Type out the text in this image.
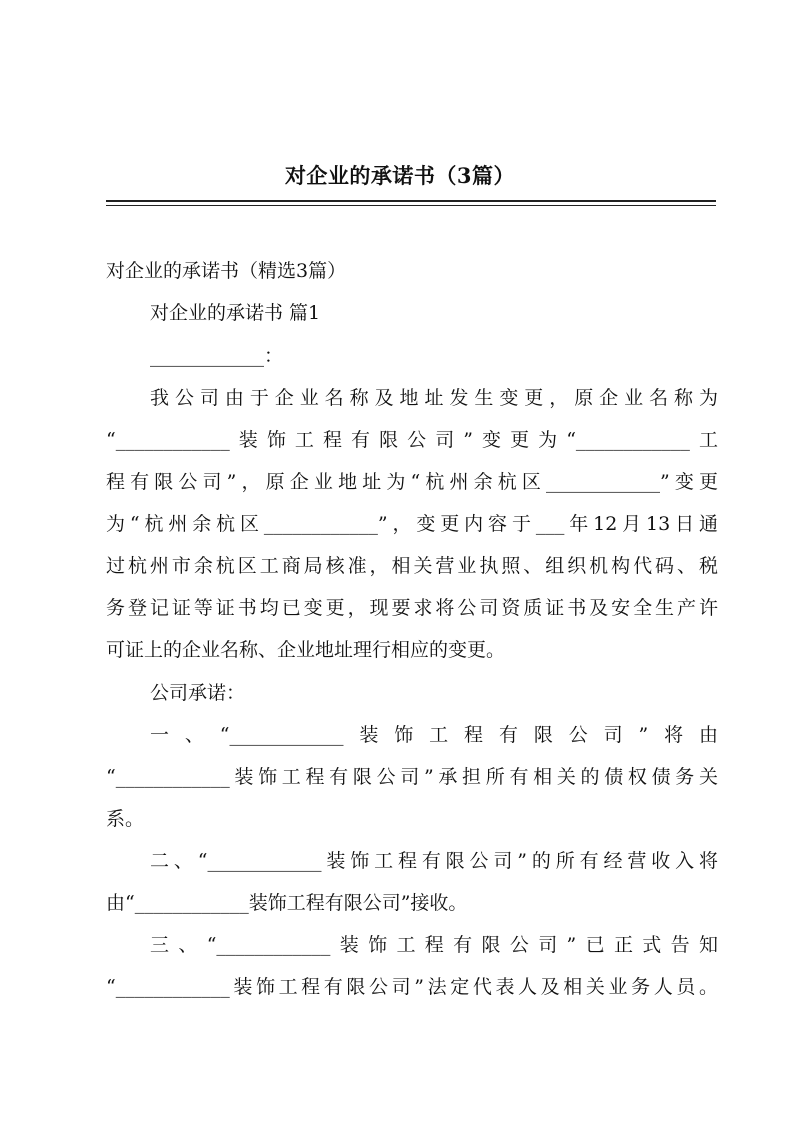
对企业的承诺书（3篇）
对企业的承诺书（精选3篇）
对企业的承诺书 篇1
____________：
我公司由于企业名称及地址发生变更，原企业名称为
“____________装饰工程有限公司”变更为“____________工
程有限公司”，原企业地址为“杭州余杭区____________”变更
为“杭州余杭区____________”，变更内容于___年12月13日通
过杭州市余杭区工商局核准，相关营业执照、组织机构代码、税
务登记证等证书均已变更，现要求将公司资质证书及安全生产许
可证上的企业名称、企业地址理行相应的变更。
公司承诺：
一、“____________装饰工程有限公司”将由
“____________装饰工程有限公司”承担所有相关的债权债务关
系。
二、“____________装饰工程有限公司”的所有经营收入将
由“____________装饰工程有限公司”接收。
三、“____________装饰工程有限公司”已正式告知
“____________装饰工程有限公司”法定代表人及相关业务人员。
